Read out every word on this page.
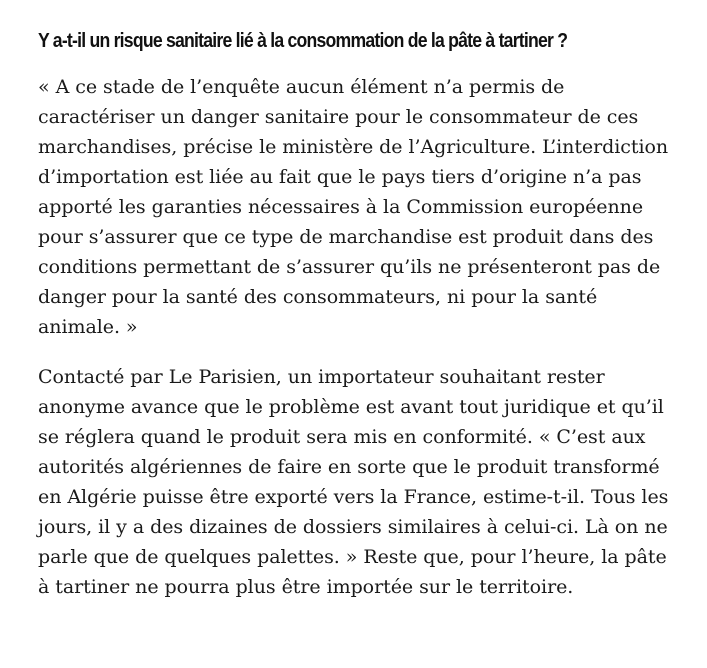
Y a-t-il un risque sanitaire lié à la consommation de la pâte à tartiner ?

« A ce stade de l’enquête aucun élément n’a permis de caractériser un danger sanitaire pour le consommateur de ces marchandises, précise le ministère de l’Agriculture. L’interdiction d’importation est liée au fait que le pays tiers d’origine n’a pas apporté les garanties nécessaires à la Commission européenne pour s’assurer que ce type de marchandise est produit dans des conditions permettant de s’assurer qu’ils ne présenteront pas de danger pour la santé des consommateurs, ni pour la santé animale. »

Contacté par Le Parisien, un importateur souhaitant rester anonyme avance que le problème est avant tout juridique et qu’il se réglera quand le produit sera mis en conformité. « C’est aux autorités algériennes de faire en sorte que le produit transformé en Algérie puisse être exporté vers la France, estime-t-il. Tous les jours, il y a des dizaines de dossiers similaires à celui-ci. Là on ne parle que de quelques palettes. » Reste que, pour l’heure, la pâte à tartiner ne pourra plus être importée sur le territoire.
